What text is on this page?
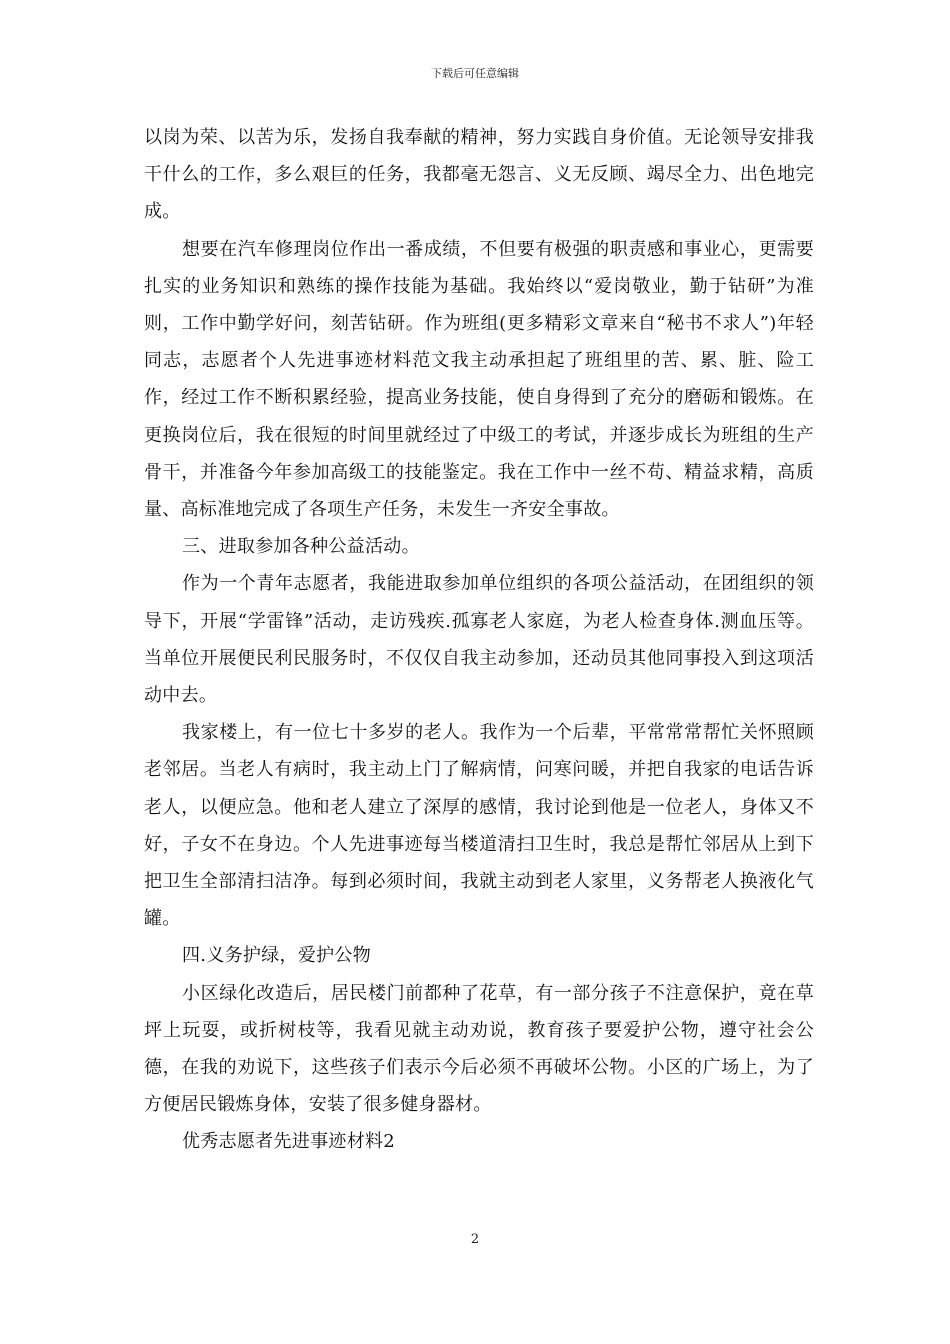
下载后可任意编辑

以岗为荣、以苦为乐，发扬自我奉献的精神，努力实践自身价值。无论领导安排我干什么的工作，多么艰巨的任务，我都毫无怨言、义无反顾、竭尽全力、出色地完成。

想要在汽车修理岗位作出一番成绩，不但要有极强的职责感和事业心，更需要扎实的业务知识和熟练的操作技能为基础。我始终以“爱岗敬业，勤于钻研”为准则，工作中勤学好问，刻苦钻研。作为班组(更多精彩文章来自“秘书不求人”)年轻同志，志愿者个人先进事迹材料范文我主动承担起了班组里的苦、累、脏、险工作，经过工作不断积累经验，提高业务技能，使自身得到了充分的磨砺和锻炼。在更换岗位后，我在很短的时间里就经过了中级工的考试，并逐步成长为班组的生产骨干，并准备今年参加高级工的技能鉴定。我在工作中一丝不苟、精益求精，高质量、高标准地完成了各项生产任务，未发生一齐安全事故。

三、进取参加各种公益活动。

作为一个青年志愿者，我能进取参加单位组织的各项公益活动，在团组织的领导下，开展“学雷锋”活动，走访残疾.孤寡老人家庭，为老人检查身体.测血压等。当单位开展便民利民服务时，不仅仅自我主动参加，还动员其他同事投入到这项活动中去。

我家楼上，有一位七十多岁的老人。我作为一个后辈，平常常常帮忙关怀照顾老邻居。当老人有病时，我主动上门了解病情，问寒问暖，并把自我家的电话告诉老人，以便应急。他和老人建立了深厚的感情，我讨论到他是一位老人，身体又不好，子女不在身边。个人先进事迹每当楼道清扫卫生时，我总是帮忙邻居从上到下把卫生全部清扫洁净。每到必须时间，我就主动到老人家里，义务帮老人换液化气罐。

四.义务护绿，爱护公物

小区绿化改造后，居民楼门前都种了花草，有一部分孩子不注意保护，竟在草坪上玩耍，或折树枝等，我看见就主动劝说，教育孩子要爱护公物，遵守社会公德，在我的劝说下，这些孩子们表示今后必须不再破坏公物。小区的广场上，为了方便居民锻炼身体，安装了很多健身器材。

优秀志愿者先进事迹材料2

2
